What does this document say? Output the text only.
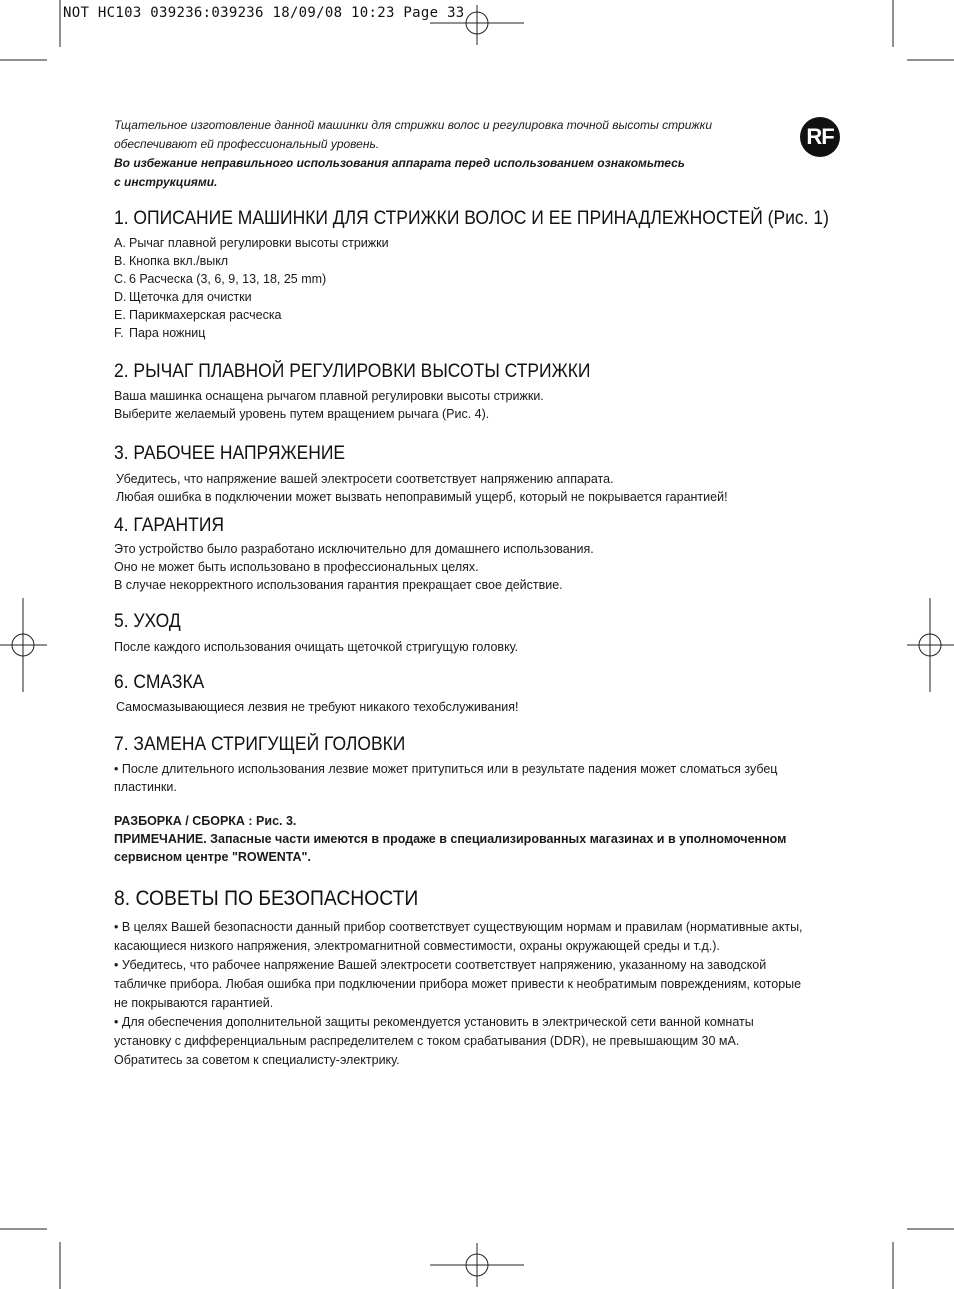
NOT HC103 039236:039236 18/09/08 10:23 Page 33
RF
Тщательное изготовление данной машинки для стрижки волос и регулировка точной высоты стрижки
обеспечивают ей профессиональный уровень.
Во избежание неправильного использования аппарата перед использованием ознакомьтесь
с инструкциями.
1. ОПИСАНИЕ МАШИНКИ ДЛЯ СТРИЖКИ ВОЛОС И ЕЕ ПРИНАДЛЕЖНОСТЕЙ (Рис. 1)
A. Рычаг плавной регулировки высоты стрижки
B. Кнопка вкл./выкл
C. 6 Расческа (3, 6, 9, 13, 18, 25 mm)
D. Щеточка для очистки
E. Парикмахерская расческа
F. Пара ножниц
2. РЫЧАГ ПЛАВНОЙ РЕГУЛИРОВКИ ВЫСОТЫ СТРИЖКИ
Ваша машинка оснащена рычагом плавной регулировки высоты стрижки.
Выберите желаемый уровень путем вращением рычага (Рис. 4).
3. РАБОЧЕЕ НАПРЯЖЕНИЕ
Убедитесь, что напряжение вашей электросети соответствует напряжению аппарата.
Любая ошибка в подключении может вызвать непоправимый ущерб, который не покрывается гарантией!
4. ГАРАНТИЯ
Это устройство было разработано исключительно для домашнего использования.
Оно не может быть использовано в профессиональных целях.
В случае некорректного использования гарантия прекращает свое действие.
5. УХОД
После каждого использования очищать щеточкой стригущую головку.
6. СМАЗКА
Самосмазывающиеся лезвия не требуют никакого техобслуживания!
7. ЗАМЕНА СТРИГУЩЕЙ ГОЛОВКИ
• После длительного использования лезвие может притупиться или в результате падения может сломаться зубец
пластинки.
РАЗБОРКА / СБОРКА : Рис. 3.
ПРИМЕЧАНИЕ. Запасные части имеются в продаже в специализированных магазинах и в уполномоченном
сервисном центре "ROWENTA".
8. СОВЕТЫ ПО БЕЗОПАСНОСТИ

• В целях Вашей безопасности данный прибор соответствует существующим нормам и правилам (нормативные акты, касающиеся низкого напряжения, электромагнитной совместимости, охраны окружающей среды и т.д.).

• Убедитесь, что рабочее напряжение Вашей электросети соответствует напряжению, указанному на заводской табличке прибора. Любая ошибка при подключении прибора может привести к необратимым повреждениям, которые не покрываются гарантией.

• Для обеспечения дополнительной защиты рекомендуется установить в электрической сети ванной комнаты установку с дифференциальным распределителем с током срабатывания (DDR), не превышающим 30 мА. Обратитесь за советом к специалисту-электрику.
